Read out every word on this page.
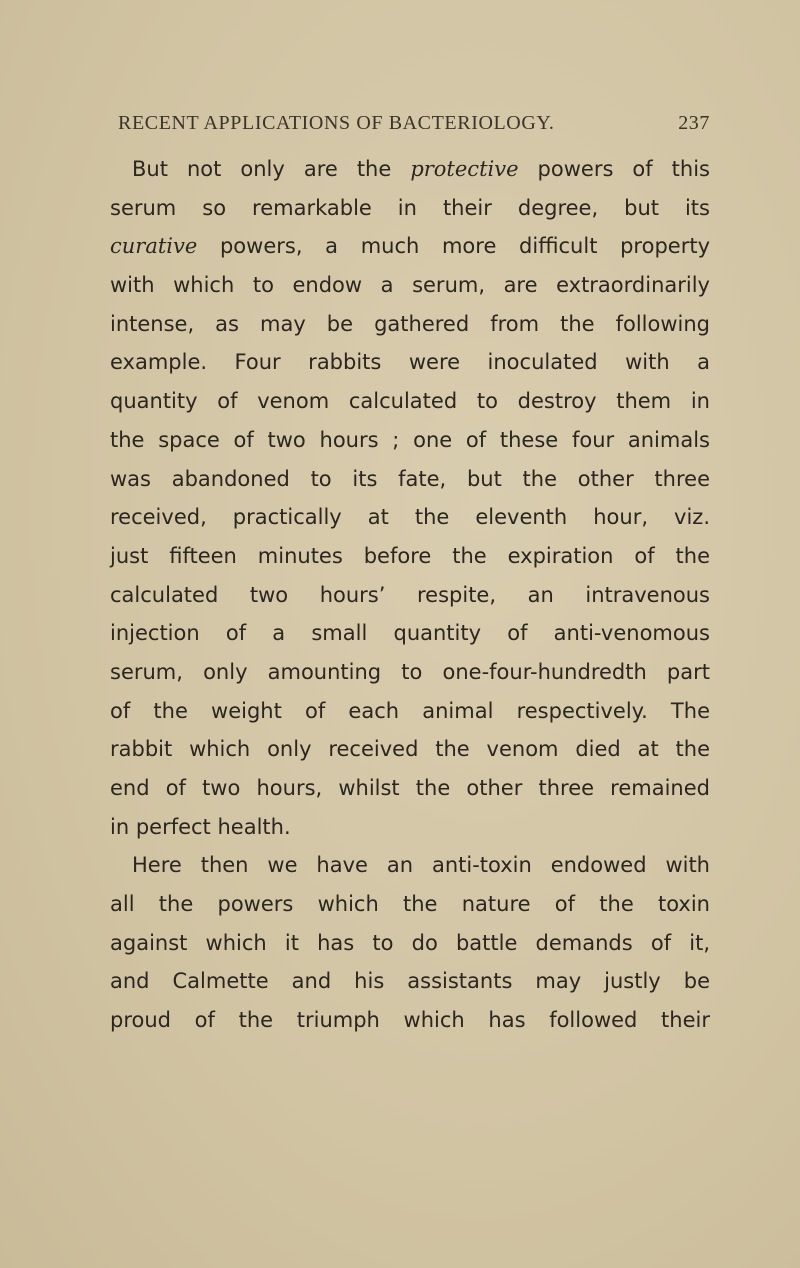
RECENT APPLICATIONS OF BACTERIOLOGY.	237
But not only are the protective powers of this
serum so remarkable in their degree, but its
curative powers, a much more difficult property
with which to endow a serum, are extraordinarily
intense, as may be gathered from the following
example. Four rabbits were inoculated with a
quantity of venom calculated to destroy them in
the space of two hours ; one of these four animals
was abandoned to its fate, but the other three
received, practically at the eleventh hour, viz.
just fifteen minutes before the expiration of the
calculated two hours’ respite, an intravenous
injection of a small quantity of anti-venomous
serum, only amounting to one-four-hundredth part
of the weight of each animal respectively. The
rabbit which only received the venom died at the
end of two hours, whilst the other three remained
in perfect health.
Here then we have an anti-toxin endowed with
all the powers which the nature of the toxin
against which it has to do battle demands of it,
and Calmette and his assistants may justly be
proud of the triumph which has followed their
